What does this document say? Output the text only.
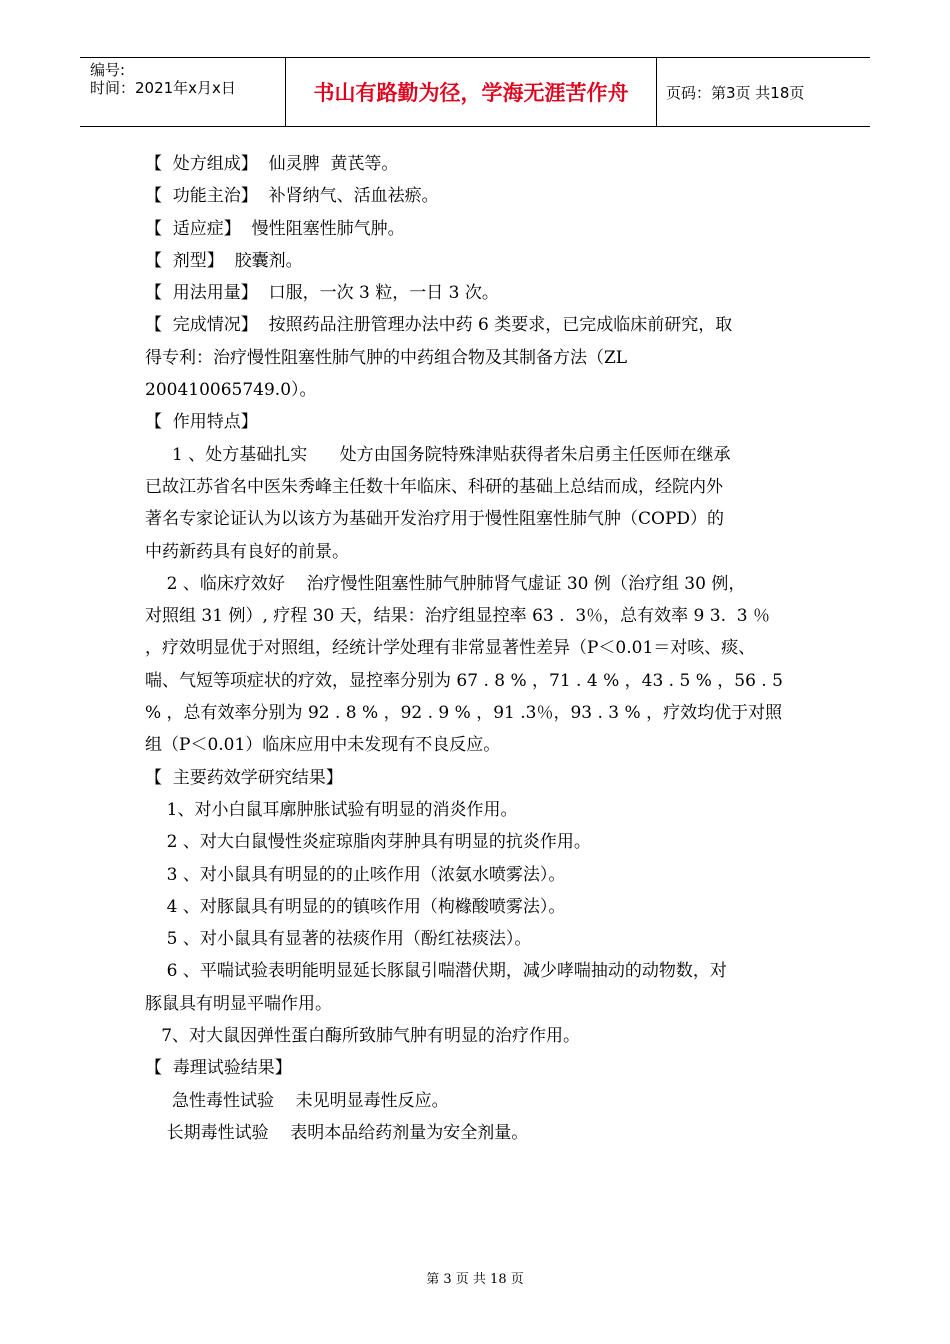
编号:
时间：2021年x月x日	书山有路勤为径，学海无涯苦作舟	页码：第3页 共18页

【  处方组成】  仙灵脾  黄芪等。

【  功能主治】  补肾纳气、活血祛瘀。

【  适应症】  慢性阻塞性肺气肿。

【  剂型】  胶囊剂。

【  用法用量】  口服，一次 3 粒，一日 3 次。

【  完成情况】  按照药品注册管理办法中药 6 类要求，已完成临床前研究，取

得专利：治疗慢性阻塞性肺气肿的中药组合物及其制备方法（ZL

200410065749.0）。

【  作用特点】

1 、处方基础扎实      处方由国务院特殊津贴获得者朱启勇主任医师在继承

已故江苏省名中医朱秀峰主任数十年临床、科研的基础上总结而成，经院内外

著名专家论证认为以该方为基础开发治疗用于慢性阻塞性肺气肿（COPD）的

中药新药具有良好的前景。

2 、临床疗效好    治疗慢性阻塞性肺气肿肺肾气虚证 30 例（治疗组 30 例，

对照组 31 例）, 疗程 30 天，结果：治疗组显控率 63 .  3％，总有效率 9 3.  3 ％

，疗效明显优于对照组，经统计学处理有非常显著性差异（P＜0.01＝对咳、痰、

喘、气短等项症状的疗效，显控率分别为 67 . 8 % ，71 . 4 % ，43 . 5 % ，56 . 5

% ，总有效率分别为 92 . 8 % ，92 . 9 % ，91 .3％，93 . 3 % ，疗效均优于对照

组（P＜0.01）临床应用中未发现有不良反应。

【  主要药效学研究结果】

1、对小白鼠耳廓肿胀试验有明显的消炎作用。

2 、对大白鼠慢性炎症琼脂肉芽肿具有明显的抗炎作用。

3 、对小鼠具有明显的的止咳作用（浓氨水喷雾法）。

4 、对豚鼠具有明显的的镇咳作用（枸橼酸喷雾法）。

5 、对小鼠具有显著的祛痰作用（酚红祛痰法）。

6 、平喘试验表明能明显延长豚鼠引喘潜伏期，减少哮喘抽动的动物数，对

豚鼠具有明显平喘作用。

7、对大鼠因弹性蛋白酶所致肺气肿有明显的治疗作用。

【  毒理试验结果】

急性毒性试验    未见明显毒性反应。

长期毒性试验    表明本品给药剂量为安全剂量。

第 3 页 共 18 页
